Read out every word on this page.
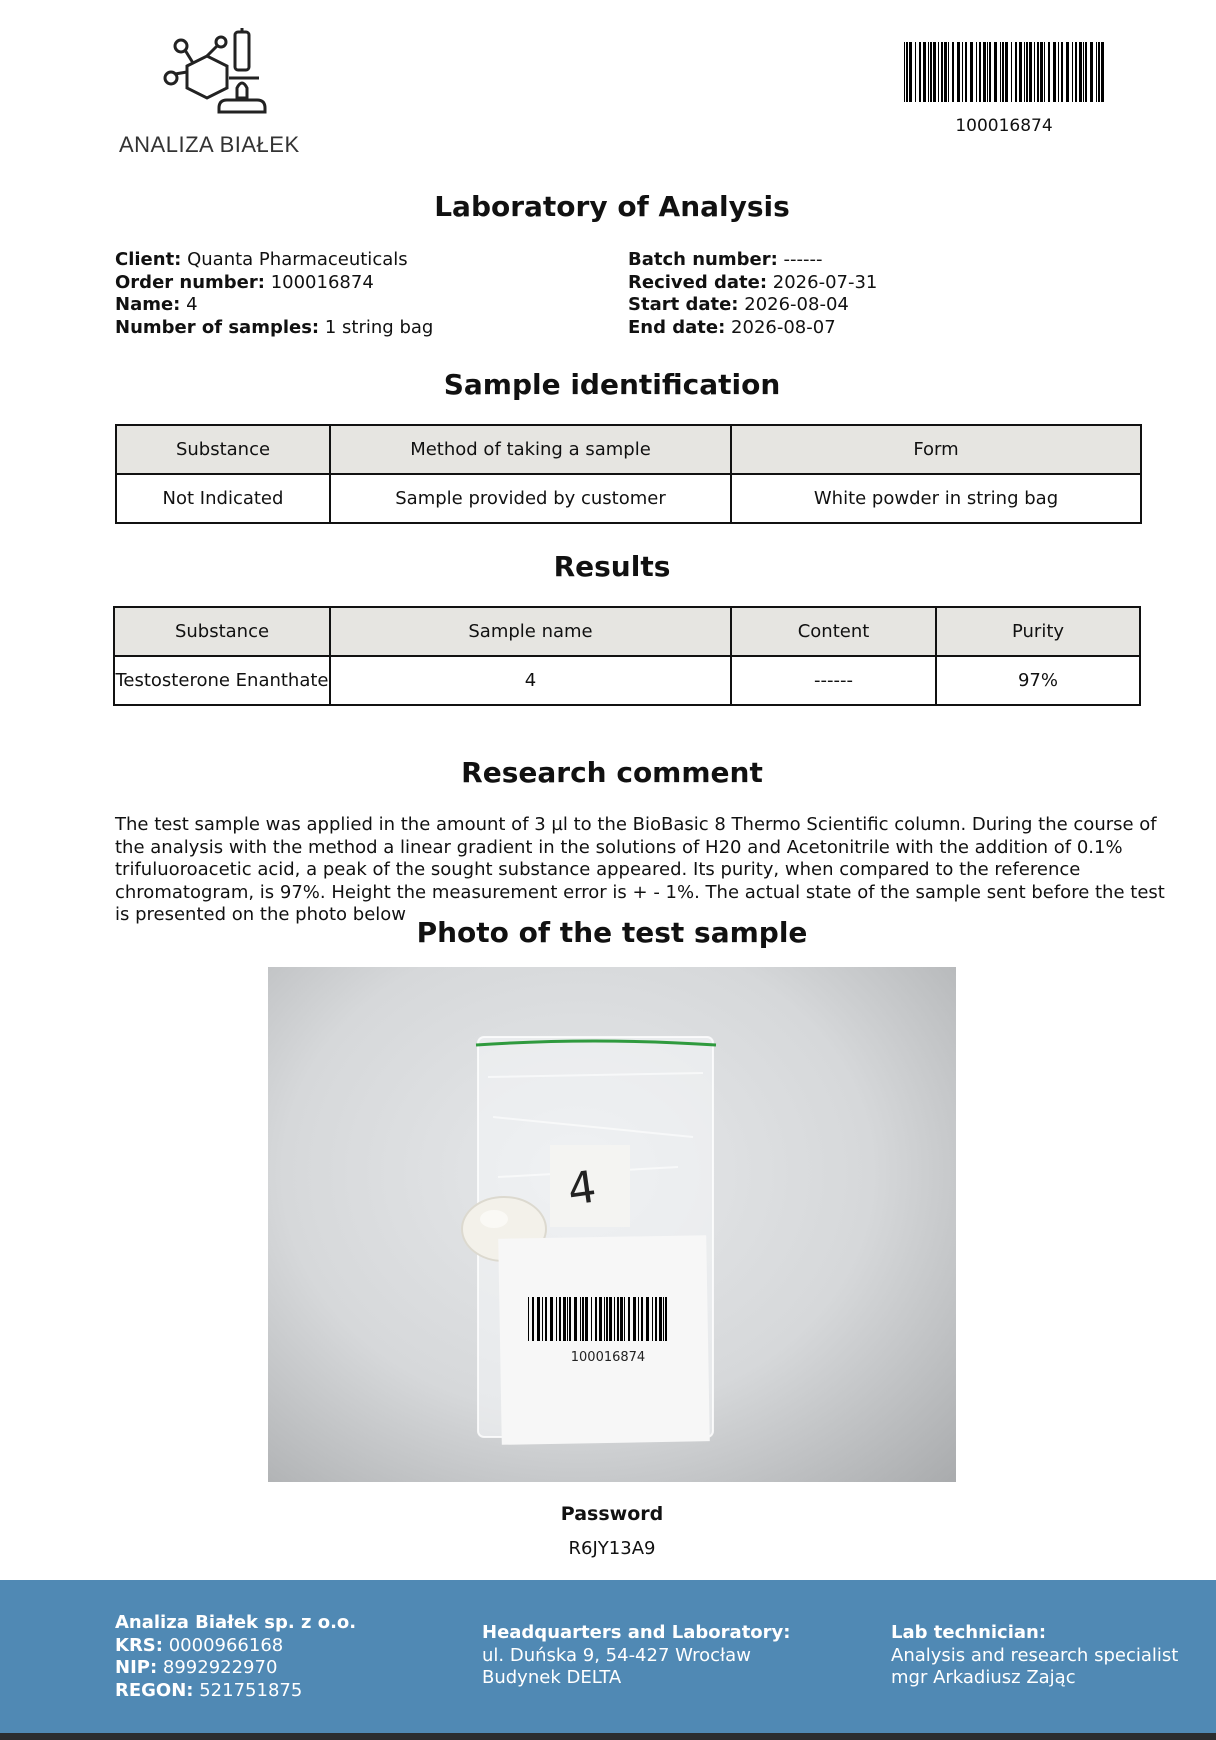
ANALIZA BIAŁEK
100016874
Laboratory of Analysis
Client: Quanta Pharmaceuticals
Order number: 100016874
Name: 4
Number of samples: 1 string bag
Batch number: ------
Recived date: 2026-07-31
Start date: 2026-08-04
End date: 2026-08-07
Sample identification
Substance	Method of taking a sample	Form
Not Indicated	Sample provided by customer	White powder in string bag
Results
Substance	Sample name	Content	Purity
Testosterone Enanthate	4	------	97%
Research comment

The test sample was applied in the amount of 3 µl to the BioBasic 8 Thermo Scientific column. During the course of the analysis with the method a linear gradient in the solutions of H20 and Acetonitrile with the addition of 0.1% trifuluoroacetic acid, a peak of the sought substance appeared. Its purity, when compared to the reference chromatogram, is 97%. Height the measurement error is + - 1%. The actual state of the sample sent before the test is presented on the photo below

Photo of the test sample
4
100016874
Password
R6JY13A9
Analiza Białek sp. z o.o.
KRS: 0000966168
NIP: 8992922970
REGON: 521751875
Headquarters and Laboratory:
ul. Duńska 9, 54-427 Wrocław
Budynek DELTA
Lab technician:
Analysis and research specialist
mgr Arkadiusz Zając
